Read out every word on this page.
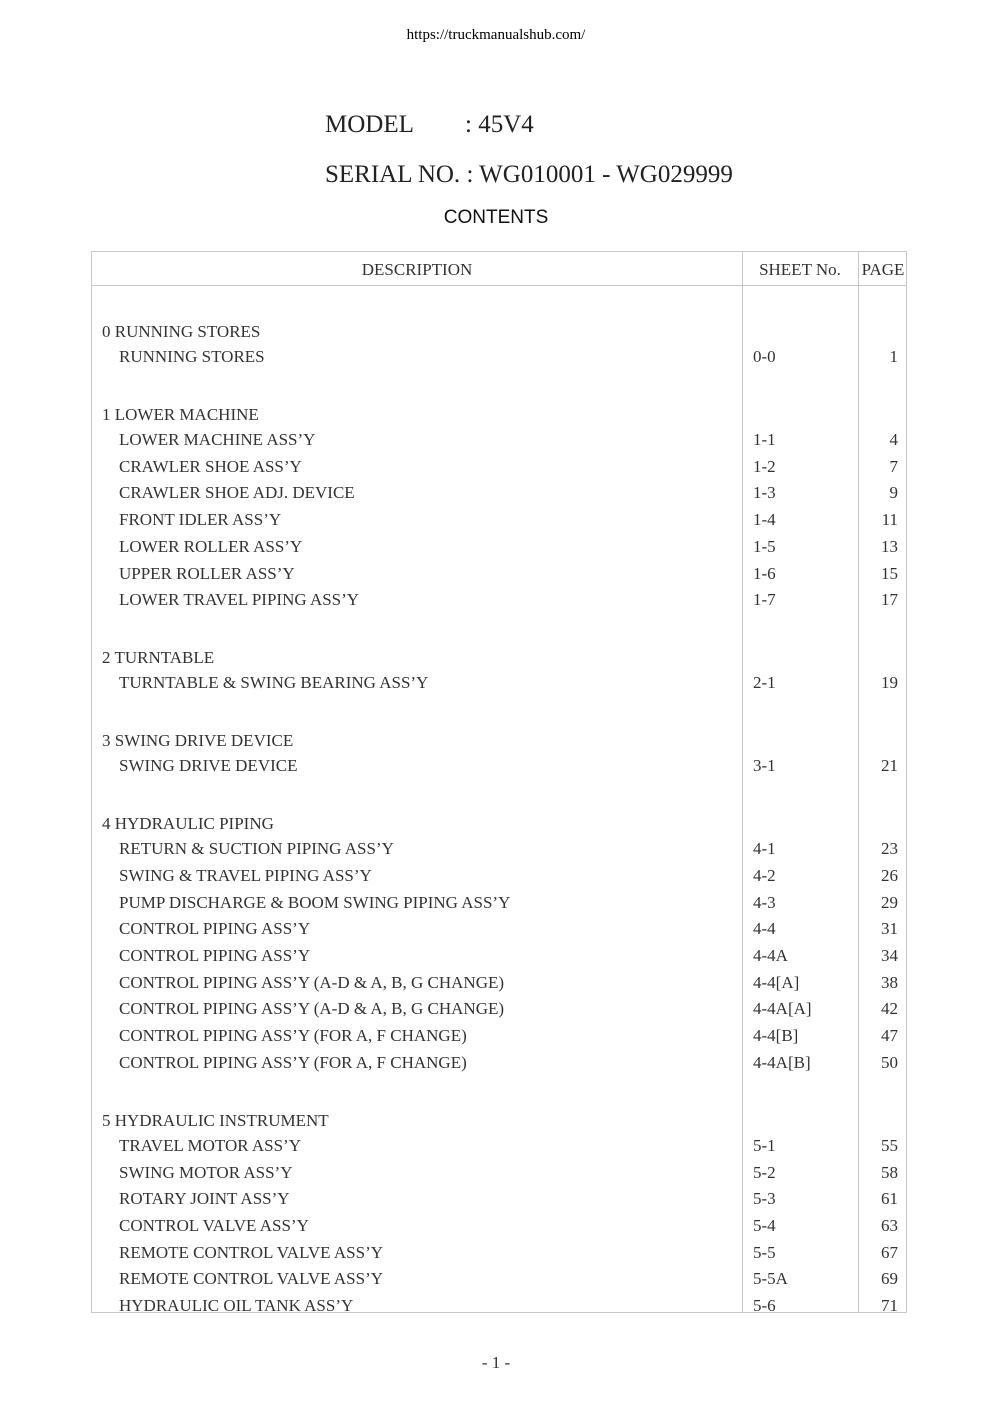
https://truckmanualshub.com/

MODEL : 45V4

SERIAL NO. : WG010001 - WG029999

CONTENTS
DESCRIPTION	SHEET No.	PAGE
0 RUNNING STORES
RUNNING STORES	0-0	1
1 LOWER MACHINE
LOWER MACHINE ASS’Y	1-1	4
CRAWLER SHOE ASS’Y	1-2	7
CRAWLER SHOE ADJ. DEVICE	1-3	9
FRONT IDLER ASS’Y	1-4	11
LOWER ROLLER ASS’Y	1-5	13
UPPER ROLLER ASS’Y	1-6	15
LOWER TRAVEL PIPING ASS’Y	1-7	17
2 TURNTABLE
TURNTABLE & SWING BEARING ASS’Y	2-1	19
3 SWING DRIVE DEVICE
SWING DRIVE DEVICE	3-1	21
4 HYDRAULIC PIPING
RETURN & SUCTION PIPING ASS’Y	4-1	23
SWING & TRAVEL PIPING ASS’Y	4-2	26
PUMP DISCHARGE & BOOM SWING PIPING ASS’Y	4-3	29
CONTROL PIPING ASS’Y	4-4	31
CONTROL PIPING ASS’Y	4-4A	34
CONTROL PIPING ASS’Y (A-D & A, B, G CHANGE)	4-4[A]	38
CONTROL PIPING ASS’Y (A-D & A, B, G CHANGE)	4-4A[A]	42
CONTROL PIPING ASS’Y (FOR A, F CHANGE)	4-4[B]	47
CONTROL PIPING ASS’Y (FOR A, F CHANGE)	4-4A[B]	50
5 HYDRAULIC INSTRUMENT
TRAVEL MOTOR ASS’Y	5-1	55
SWING MOTOR ASS’Y	5-2	58
ROTARY JOINT ASS’Y	5-3	61
CONTROL VALVE ASS’Y	5-4	63
REMOTE CONTROL VALVE ASS’Y	5-5	67
REMOTE CONTROL VALVE ASS’Y	5-5A	69
HYDRAULIC OIL TANK ASS’Y	5-6	71
- 1 -
